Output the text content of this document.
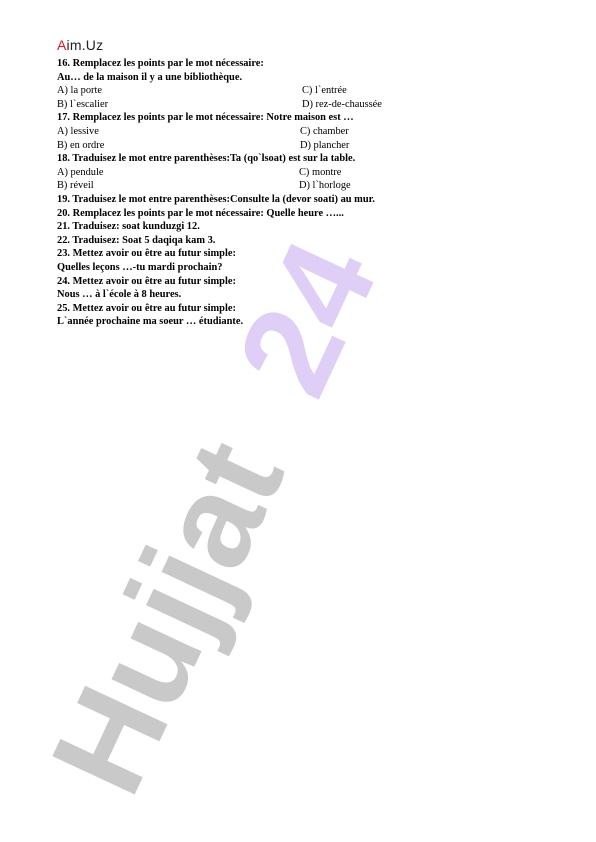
Hujjat
24
Aim.Uz
16. Remplacez les points par le mot nécessaire:
Au… de la maison il y a une bibliothèque.
A) la porte	C) l`entrée
B) l`escalier	D) rez-de-chaussée
17. Remplacez les points par le mot nécessaire: Notre maison est …
A) lessive	C) chamber
B) en ordre	D) plancher
18. Traduisez le mot entre parenthèses:Ta (qo`lsoat) est sur la table.
A) pendule	C) montre
B) réveil	D) l`horloge
19. Traduisez le mot entre parenthèses:Consulte la (devor soati) au mur.
20. Remplacez les points par le mot nécessaire: Quelle heure …...
21. Traduisez: soat kunduzgi 12.
22. Traduisez: Soat 5 daqiqa kam 3.
23. Mettez avoir ou être au futur simple:
Quelles leçons …-tu mardi prochain?
24. Mettez avoir ou être au futur simple:
Nous … à l`école à 8 heures.
25. Mettez avoir ou être au futur simple:
L`année prochaine ma soeur … étudiante.
